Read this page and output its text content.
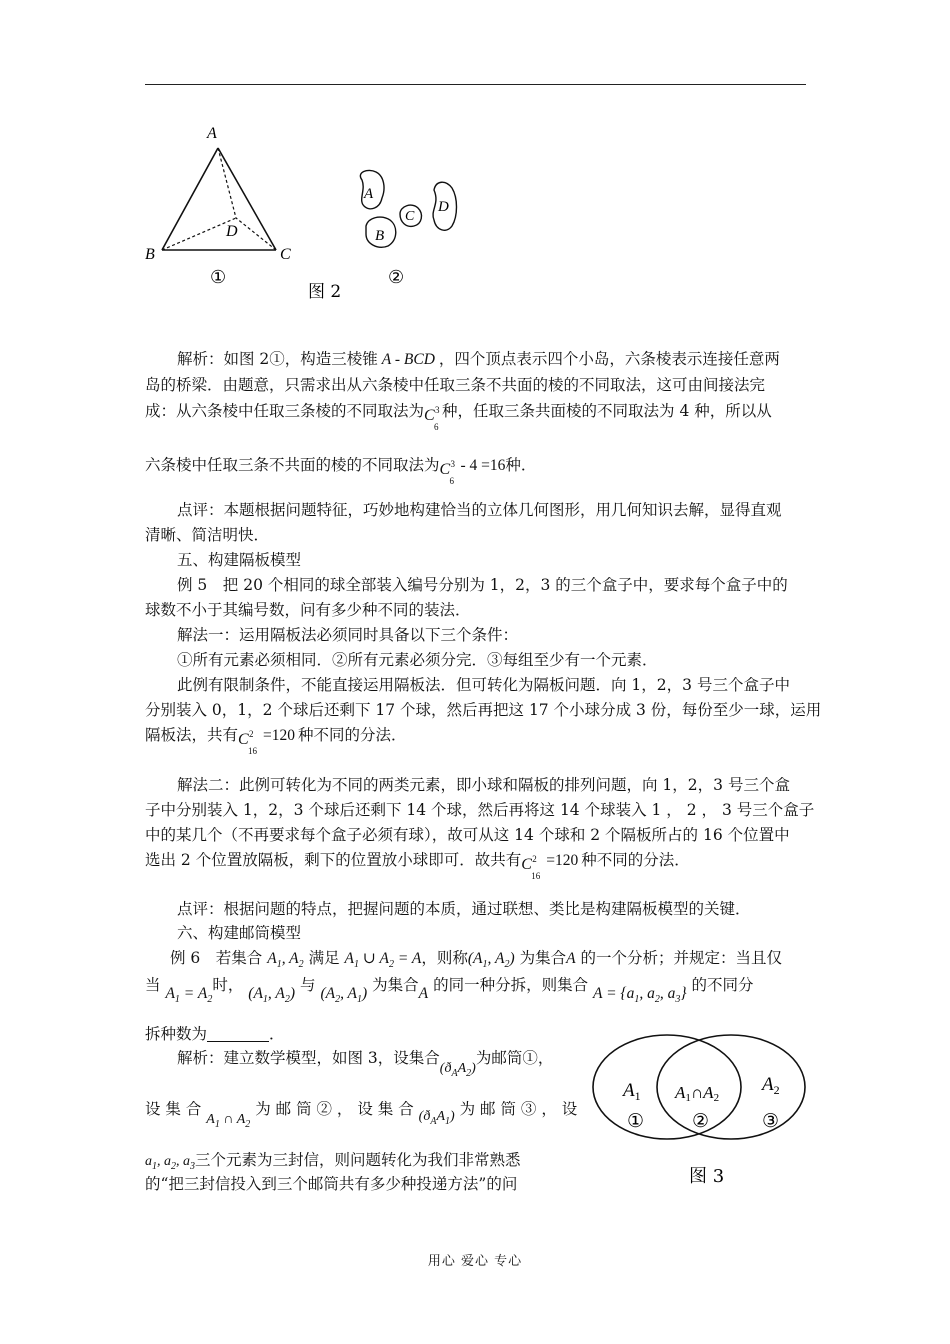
A
B	C
D
①
A
B
C
D
②
图 2
解析：如图 2①，构造三棱锥 A - BCD ，四个顶点表示四个小岛，六条棱表示连接任意两
岛的桥梁．由题意，只需求出从六条棱中任取三条不共面的棱的不同取法，这可由间接法完
成：从六条棱中任取三条棱的不同取法为 C 3
6
种，任取三条共面棱的不同取法为 4 种，所以从
六条棱中任取三条不共面的棱的不同取法为 C 3
6
- 4 =16种．
点评：本题根据问题特征，巧妙地构建恰当的立体几何图形，用几何知识去解，显得直观
清晰、简洁明快．
五、构建隔板模型
例 5　把 20 个相同的球全部装入编号分别为 1，2，3 的三个盒子中，要求每个盒子中的
球数不小于其编号数，问有多少种不同的装法．
解法一：运用隔板法必须同时具备以下三个条件：
①所有元素必须相同．②所有元素必须分完．③每组至少有一个元素．
此例有限制条件，不能直接运用隔板法．但可转化为隔板问题．向 1，2，3 号三个盒子中
分别装入 0，1，2 个球后还剩下 17 个球，然后再把这 17 个小球分成 3 份，每份至少一球，运用
隔板法，共有 C 2
16
=120 种不同的分法．
解法二：此例可转化为不同的两类元素，即小球和隔板的排列问题，向 1，2，3 号三个盒
子中分别装入 1，2，3 个球后还剩下 14 个球，然后再将这 14 个球装入 1 ， 2 ， 3 号三个盒子
中的某几个（不再要求每个盒子必须有球），故可从这 14 个球和 2 个隔板所占的 16 个位置中
选出 2 个位置放隔板，剩下的位置放小球即可．故共有 C 2
16
=120 种不同的分法．
点评：根据问题的特点，把握问题的本质，通过联想、类比是构建隔板模型的关键．
六、构建邮筒模型
例 6　若集合 $A_1$, $A_2$ 满足 $A_1$ ∪ $A_2 = A$，则称($A_1$, $A_2$) 为集合A 的一个分析；并规定：当且仅
当 $A_1 = A_2$时， ($A_1$, $A_2$) 与 ($A_2$, $A_1$) 为集合A 的同一种分拆，则集合 $A = \{a_1$, $a_2$, $a_3$} 的不同分
拆种数为	．
解析：建立数学模型，如图 3，设集合$(ð_AA_2)$为邮筒①，
设 集 合 $A_1$ ∩ $A_2$ 为 邮 筒 ② ， 设 集 合 $(ð_AA_1)$ 为 邮 筒 ③ ， 设
$a_1$, $a_2$, $a_3$三个元素为三封信，则问题转化为我们非常熟悉
的“把三封信投入到三个邮筒共有多少种投递方法”的问
$A_1$ A1∩A2
$A_2$
①	②	③
图 3
用心 爱心 专心
